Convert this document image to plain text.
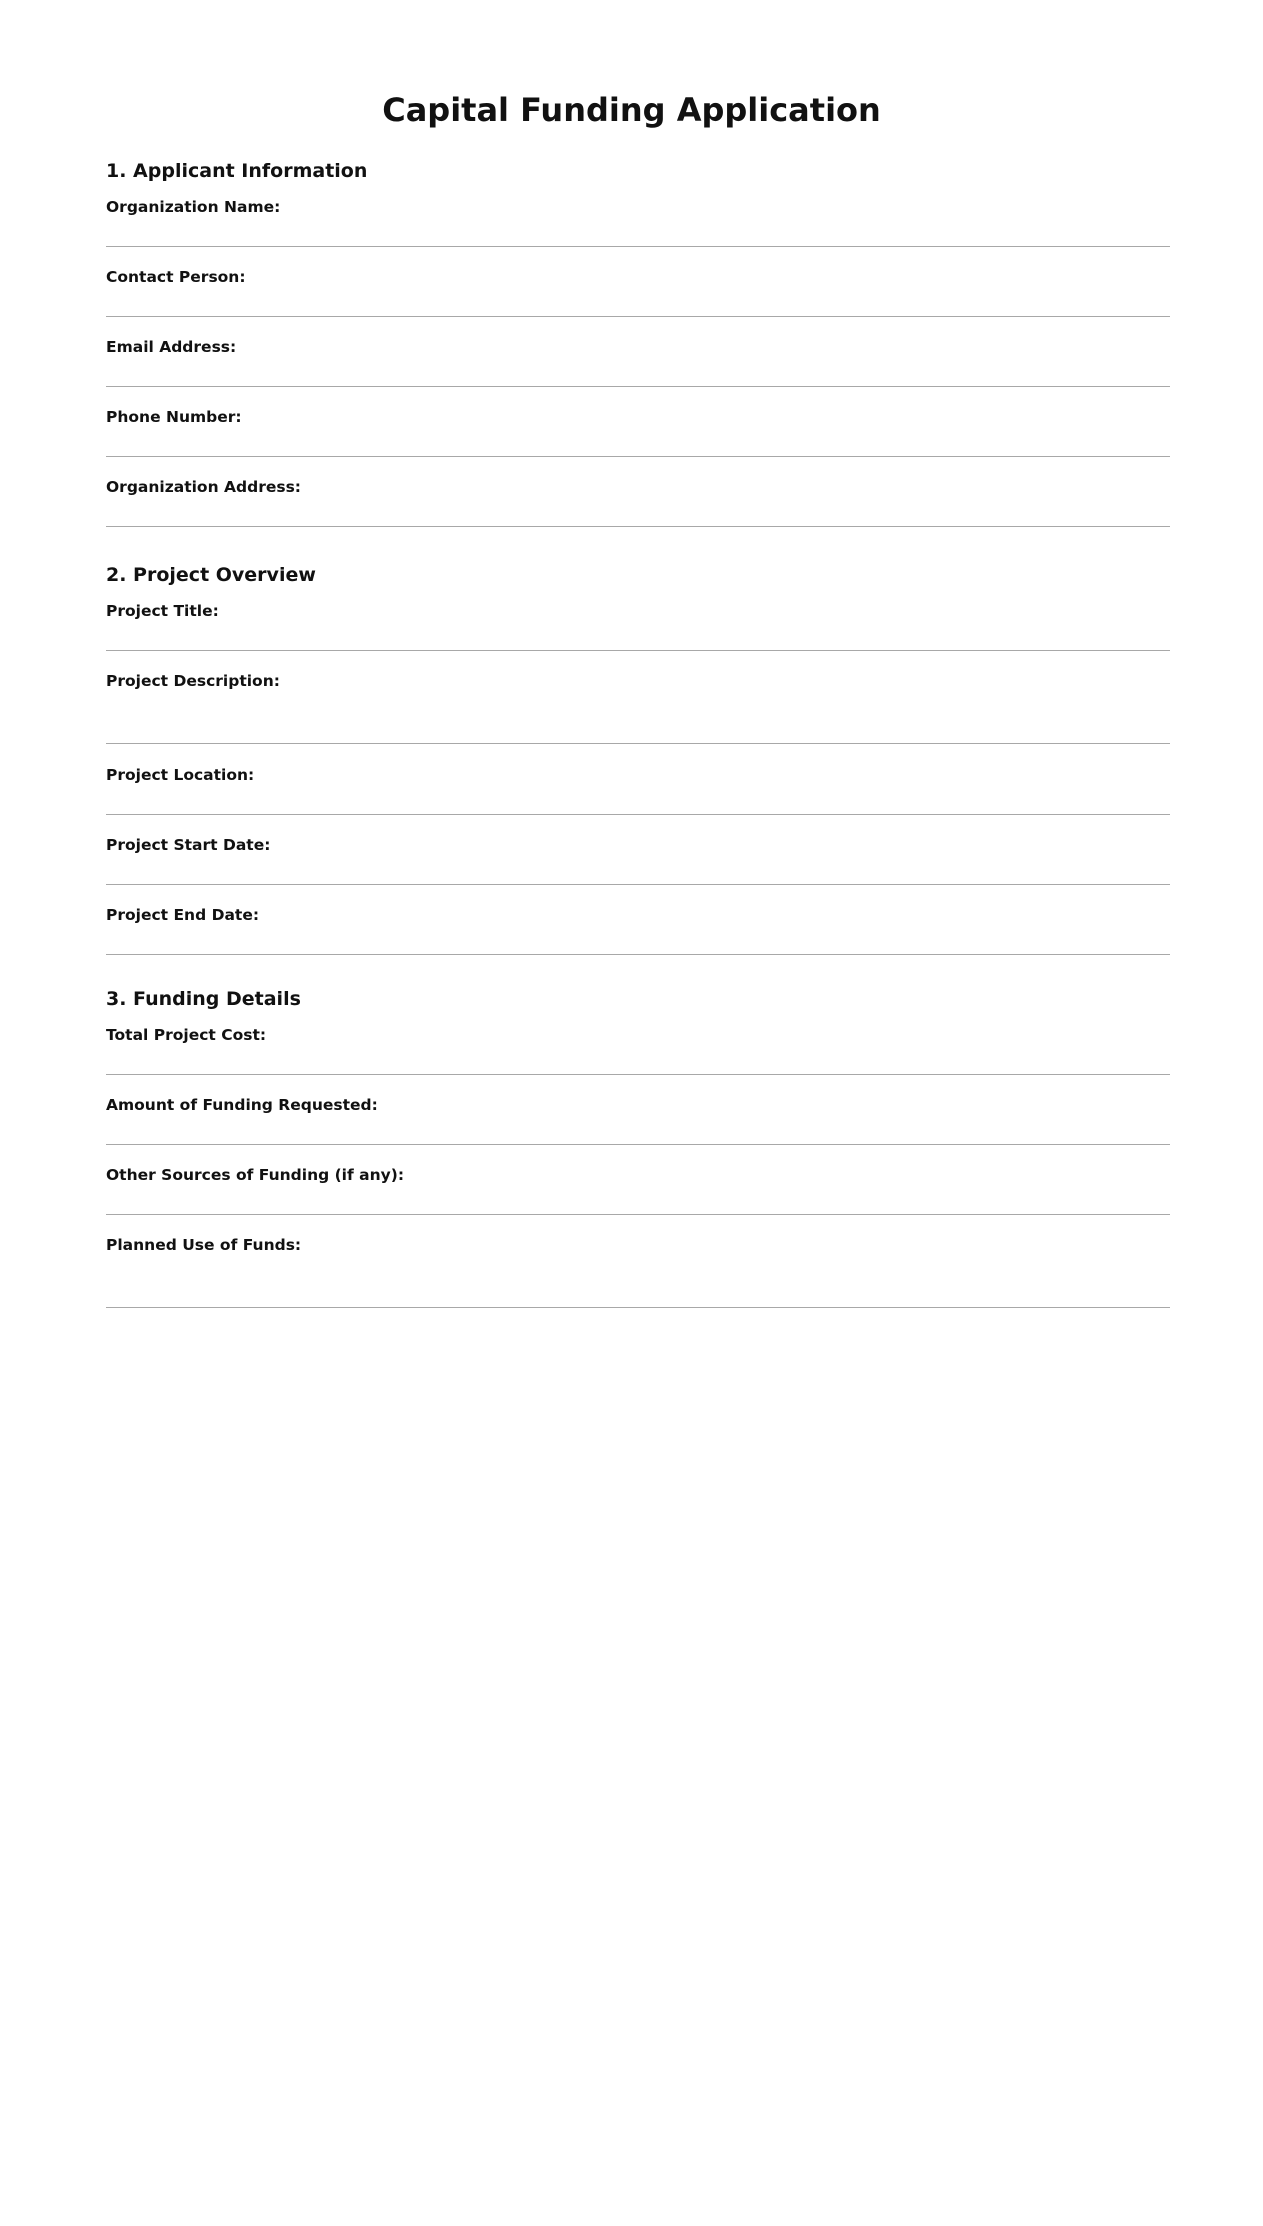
Capital Funding Application
1. Applicant Information
Organization Name:
Contact Person:
Email Address:
Phone Number:
Organization Address:
2. Project Overview
Project Title:
Project Description:
Project Location:
Project Start Date:
Project End Date:
3. Funding Details
Total Project Cost:
Amount of Funding Requested:
Other Sources of Funding (if any):
Planned Use of Funds:
